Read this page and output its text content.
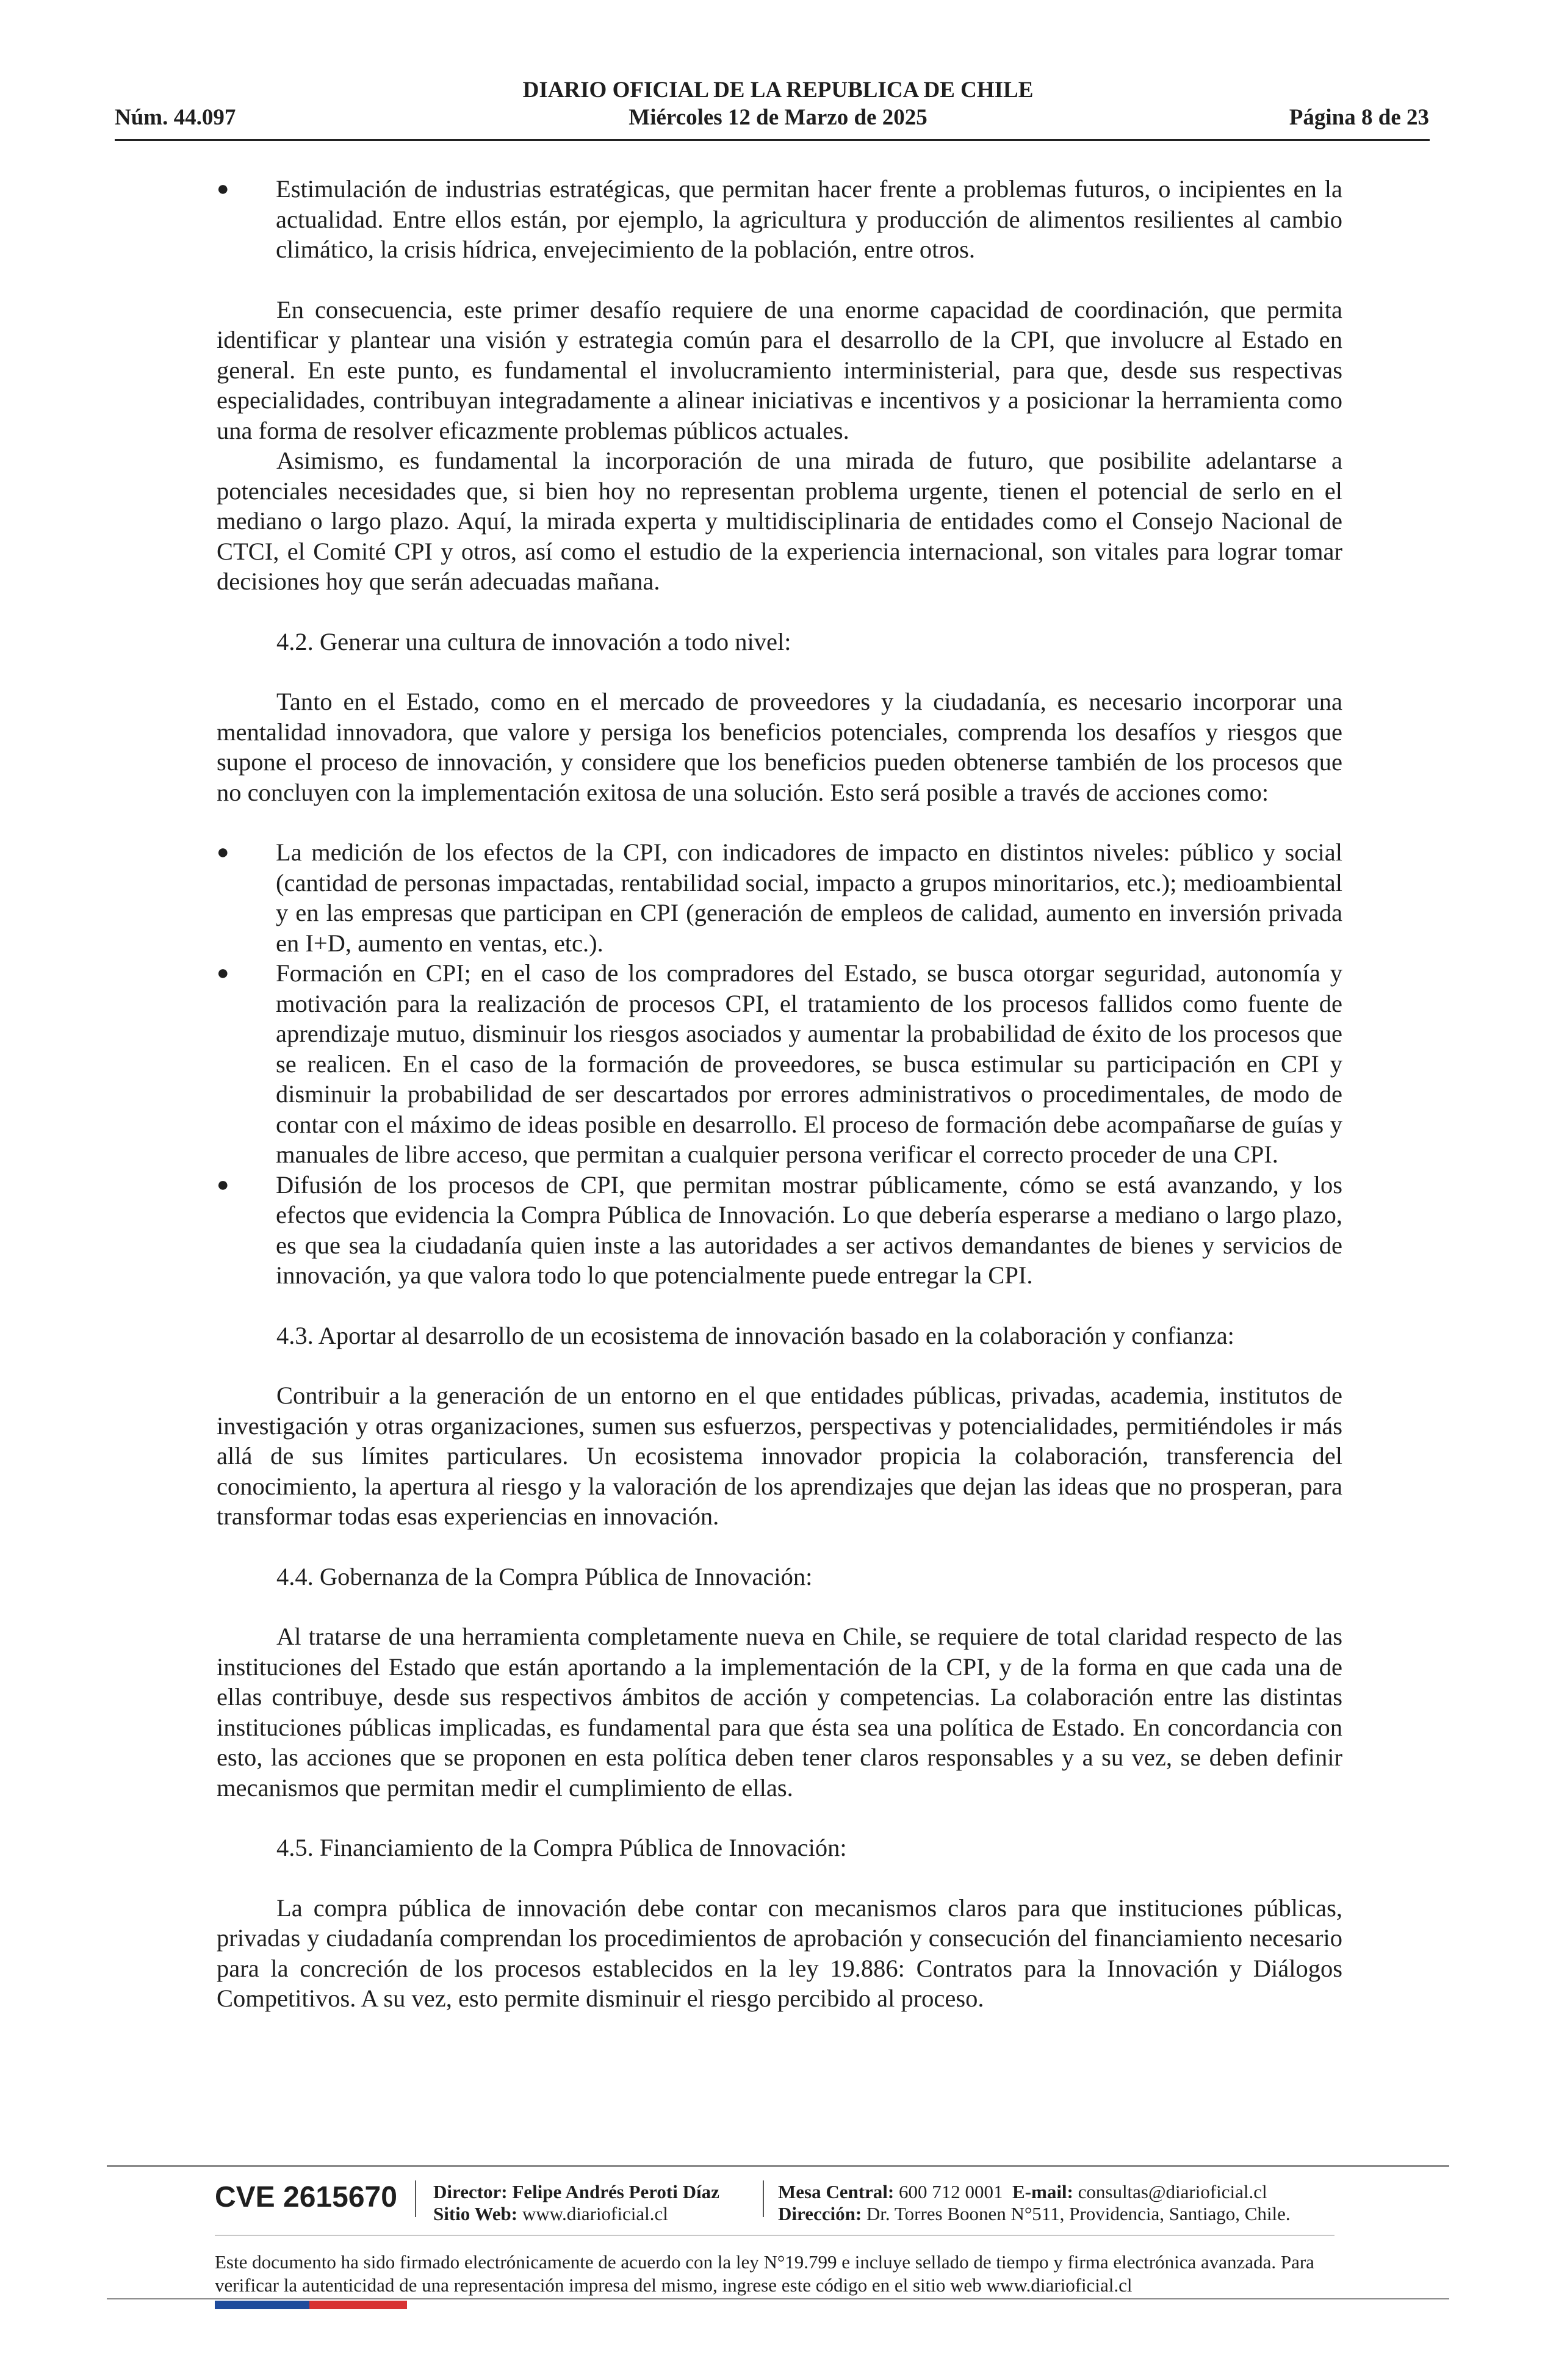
DIARIO OFICIAL DE LA REPUBLICA DE CHILE
Núm. 44.097	Miércoles 12 de Marzo de 2025	Página 8 de 23
● Estimulación de industrias estratégicas, que permitan hacer frente a problemas futuros, o incipientes en la actualidad. Entre ellos están, por ejemplo, la agricultura y producción de alimentos resilientes al cambio climático, la crisis hídrica, envejecimiento de la población, entre otros.

En consecuencia, este primer desafío requiere de una enorme capacidad de coordinación, que permita identificar y plantear una visión y estrategia común para el desarrollo de la CPI, que involucre al Estado en general. En este punto, es fundamental el involucramiento interministerial, para que, desde sus respectivas especialidades, contribuyan integradamente a alinear iniciativas e incentivos y a posicionar la herramienta como una forma de resolver eficazmente problemas públicos actuales.

Asimismo, es fundamental la incorporación de una mirada de futuro, que posibilite adelantarse a potenciales necesidades que, si bien hoy no representan problema urgente, tienen el potencial de serlo en el mediano o largo plazo. Aquí, la mirada experta y multidisciplinaria de entidades como el Consejo Nacional de CTCI, el Comité CPI y otros, así como el estudio de la experiencia internacional, son vitales para lograr tomar decisiones hoy que serán adecuadas mañana.

4.2. Generar una cultura de innovación a todo nivel:

Tanto en el Estado, como en el mercado de proveedores y la ciudadanía, es necesario incorporar una mentalidad innovadora, que valore y persiga los beneficios potenciales, comprenda los desafíos y riesgos que supone el proceso de innovación, y considere que los beneficios pueden obtenerse también de los procesos que no concluyen con la implementación exitosa de una solución. Esto será posible a través de acciones como:

● La medición de los efectos de la CPI, con indicadores de impacto en distintos niveles: público y social (cantidad de personas impactadas, rentabilidad social, impacto a grupos minoritarios, etc.); medioambiental y en las empresas que participan en CPI (generación de empleos de calidad, aumento en inversión privada en I+D, aumento en ventas, etc.).
● Formación en CPI; en el caso de los compradores del Estado, se busca otorgar seguridad, autonomía y motivación para la realización de procesos CPI, el tratamiento de los procesos fallidos como fuente de aprendizaje mutuo, disminuir los riesgos asociados y aumentar la probabilidad de éxito de los procesos que se realicen. En el caso de la formación de proveedores, se busca estimular su participación en CPI y disminuir la probabilidad de ser descartados por errores administrativos o procedimentales, de modo de contar con el máximo de ideas posible en desarrollo. El proceso de formación debe acompañarse de guías y manuales de libre acceso, que permitan a cualquier persona verificar el correcto proceder de una CPI.
● Difusión de los procesos de CPI, que permitan mostrar públicamente, cómo se está avanzando, y los efectos que evidencia la Compra Pública de Innovación. Lo que debería esperarse a mediano o largo plazo, es que sea la ciudadanía quien inste a las autoridades a ser activos demandantes de bienes y servicios de innovación, ya que valora todo lo que potencialmente puede entregar la CPI.

4.3. Aportar al desarrollo de un ecosistema de innovación basado en la colaboración y confianza:

Contribuir a la generación de un entorno en el que entidades públicas, privadas, academia, institutos de investigación y otras organizaciones, sumen sus esfuerzos, perspectivas y potencialidades, permitiéndoles ir más allá de sus límites particulares. Un ecosistema innovador propicia la colaboración, transferencia del conocimiento, la apertura al riesgo y la valoración de los aprendizajes que dejan las ideas que no prosperan, para transformar todas esas experiencias en innovación.

4.4. Gobernanza de la Compra Pública de Innovación:

Al tratarse de una herramienta completamente nueva en Chile, se requiere de total claridad respecto de las instituciones del Estado que están aportando a la implementación de la CPI, y de la forma en que cada una de ellas contribuye, desde sus respectivos ámbitos de acción y competencias. La colaboración entre las distintas instituciones públicas implicadas, es fundamental para que ésta sea una política de Estado. En concordancia con esto, las acciones que se proponen en esta política deben tener claros responsables y a su vez, se deben definir mecanismos que permitan medir el cumplimiento de ellas.

4.5. Financiamiento de la Compra Pública de Innovación:

La compra pública de innovación debe contar con mecanismos claros para que instituciones públicas, privadas y ciudadanía comprendan los procedimientos de aprobación y consecución del financiamiento necesario para la concreción de los procesos establecidos en la ley 19.886: Contratos para la Innovación y Diálogos Competitivos. A su vez, esto permite disminuir el riesgo percibido al proceso.

CVE 2615670 Director: Felipe Andrés Peroti Díaz
Sitio Web: www.diarioficial.cl
Mesa Central: 600 712 0001 E-mail: consultas@diarioficial.cl
Dirección: Dr. Torres Boonen N°511, Providencia, Santiago, Chile.
Este documento ha sido firmado electrónicamente de acuerdo con la ley N°19.799 e incluye sellado de tiempo y firma electrónica avanzada. Para verificar la autenticidad de una representación impresa del mismo, ingrese este código en el sitio web www.diarioficial.cl
